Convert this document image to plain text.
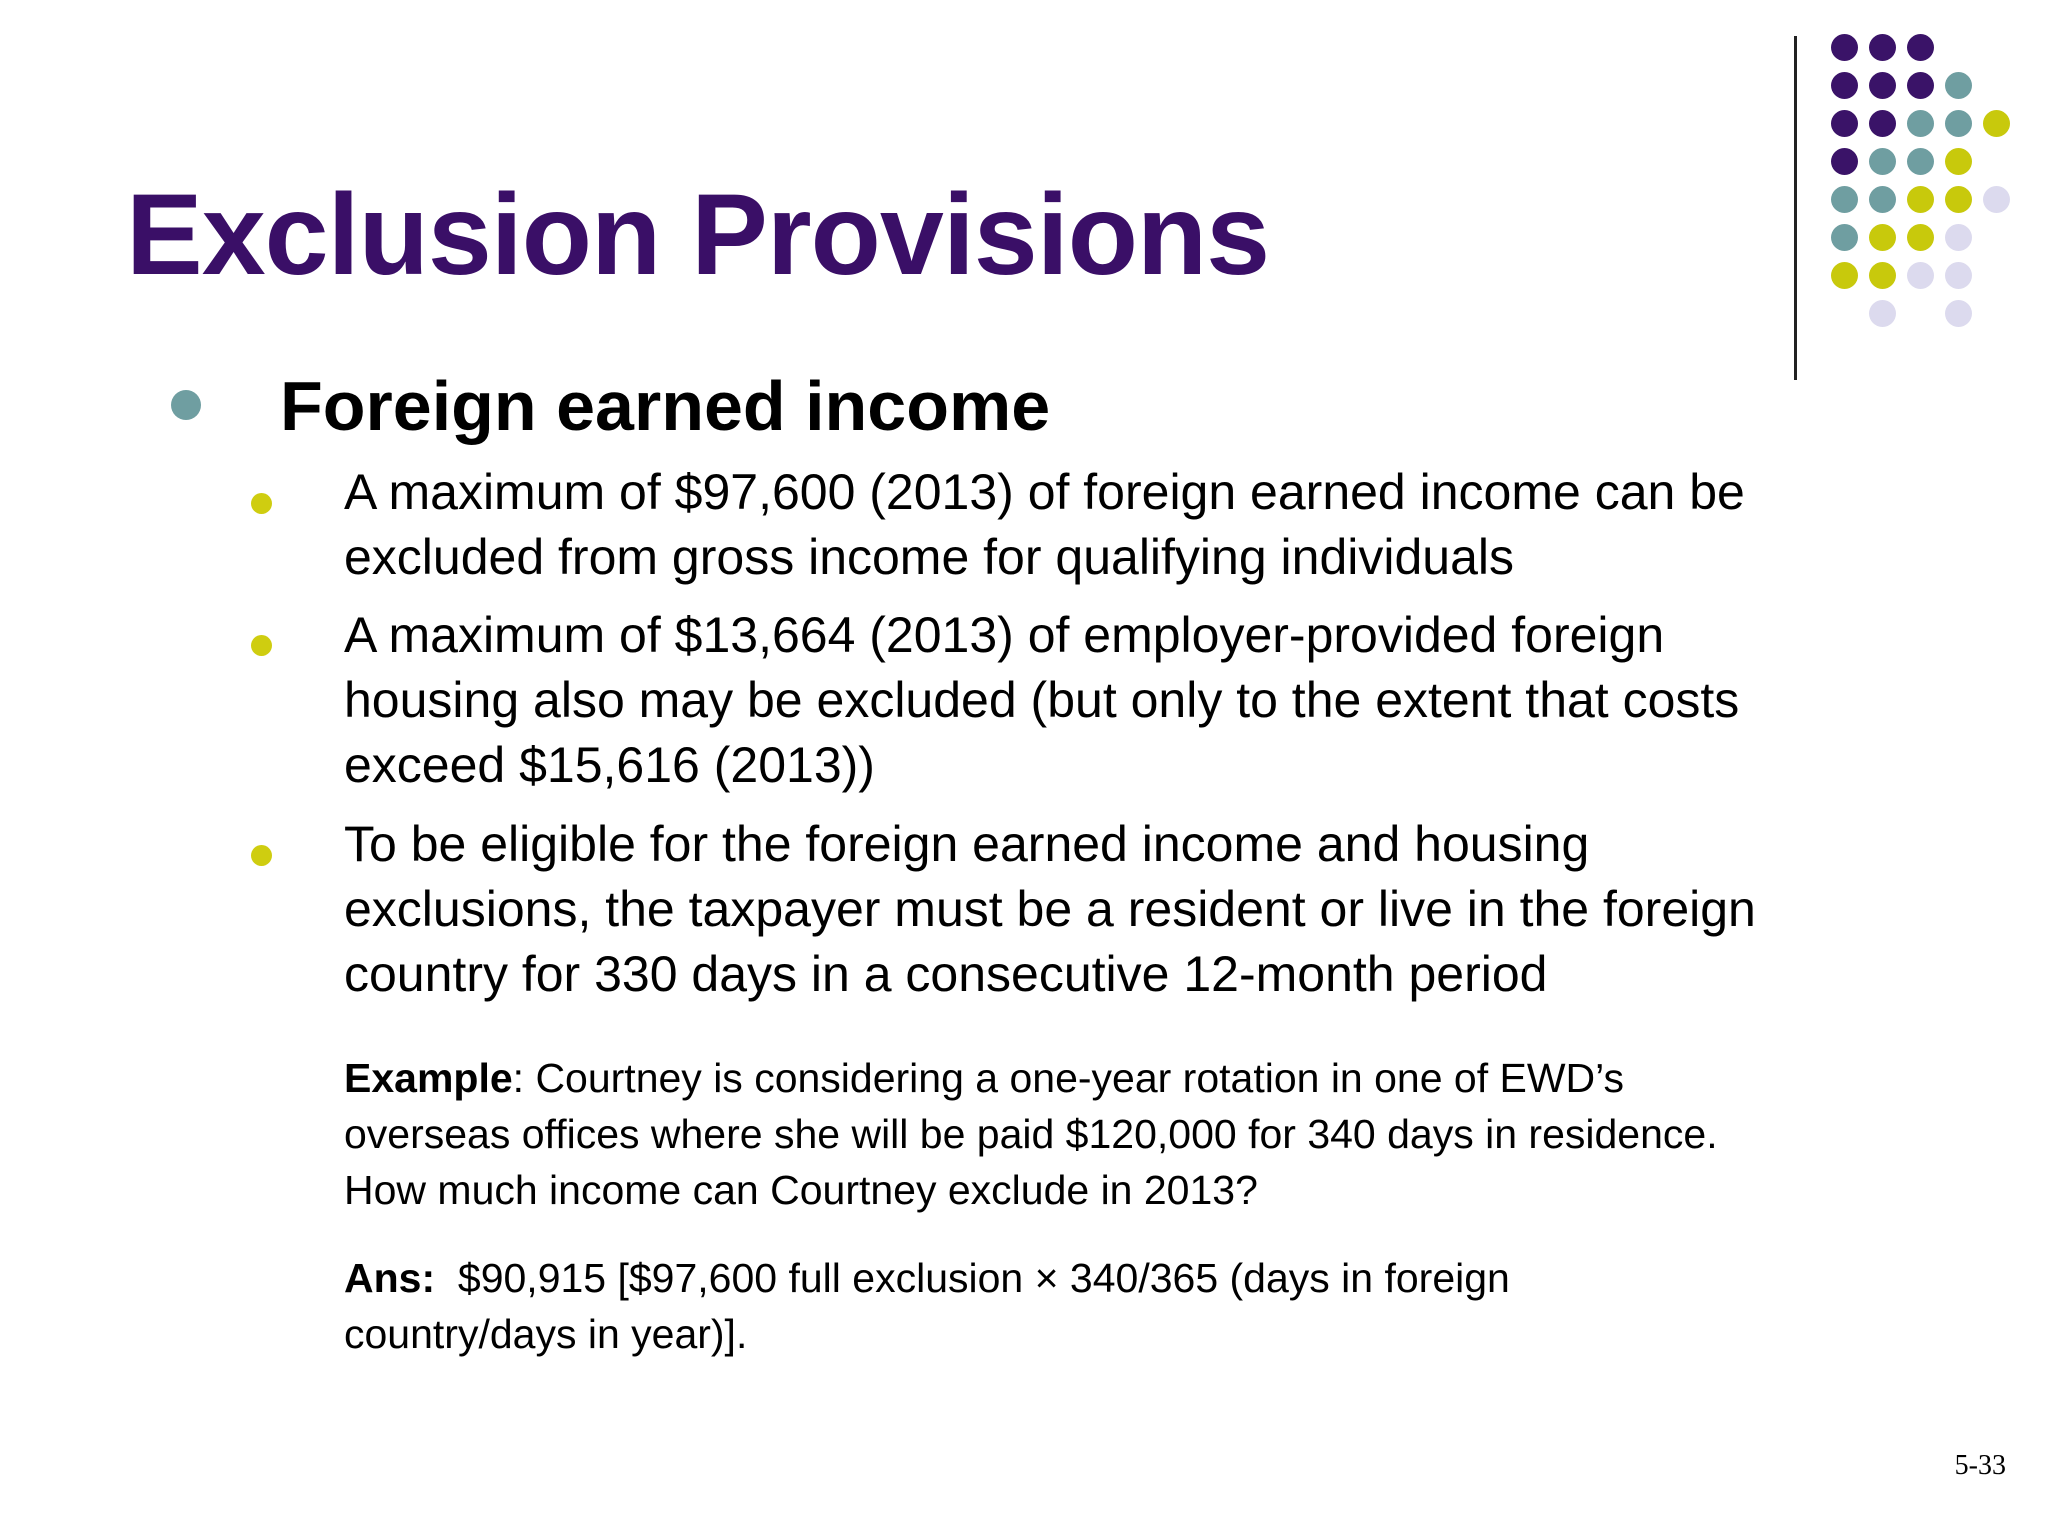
Exclusion Provisions
Foreign earned income
A maximum of $97,600 (2013) of foreign earned income can be
excluded from gross income for qualifying individuals
A maximum of $13,664 (2013) of employer-provided foreign
housing also may be excluded (but only to the extent that costs
exceed $15,616 (2013))
To be eligible for the foreign earned income and housing
exclusions, the taxpayer must be a resident or live in the foreign
country for 330 days in a consecutive 12-month period
Example: Courtney is considering a one-year rotation in one of EWD’s
overseas offices where she will be paid $120,000 for 340 days in residence.
How much income can Courtney exclude in 2013?
Ans:  $90,915 [$97,600 full exclusion × 340/365 (days in foreign
country/days in year)].
5-33
